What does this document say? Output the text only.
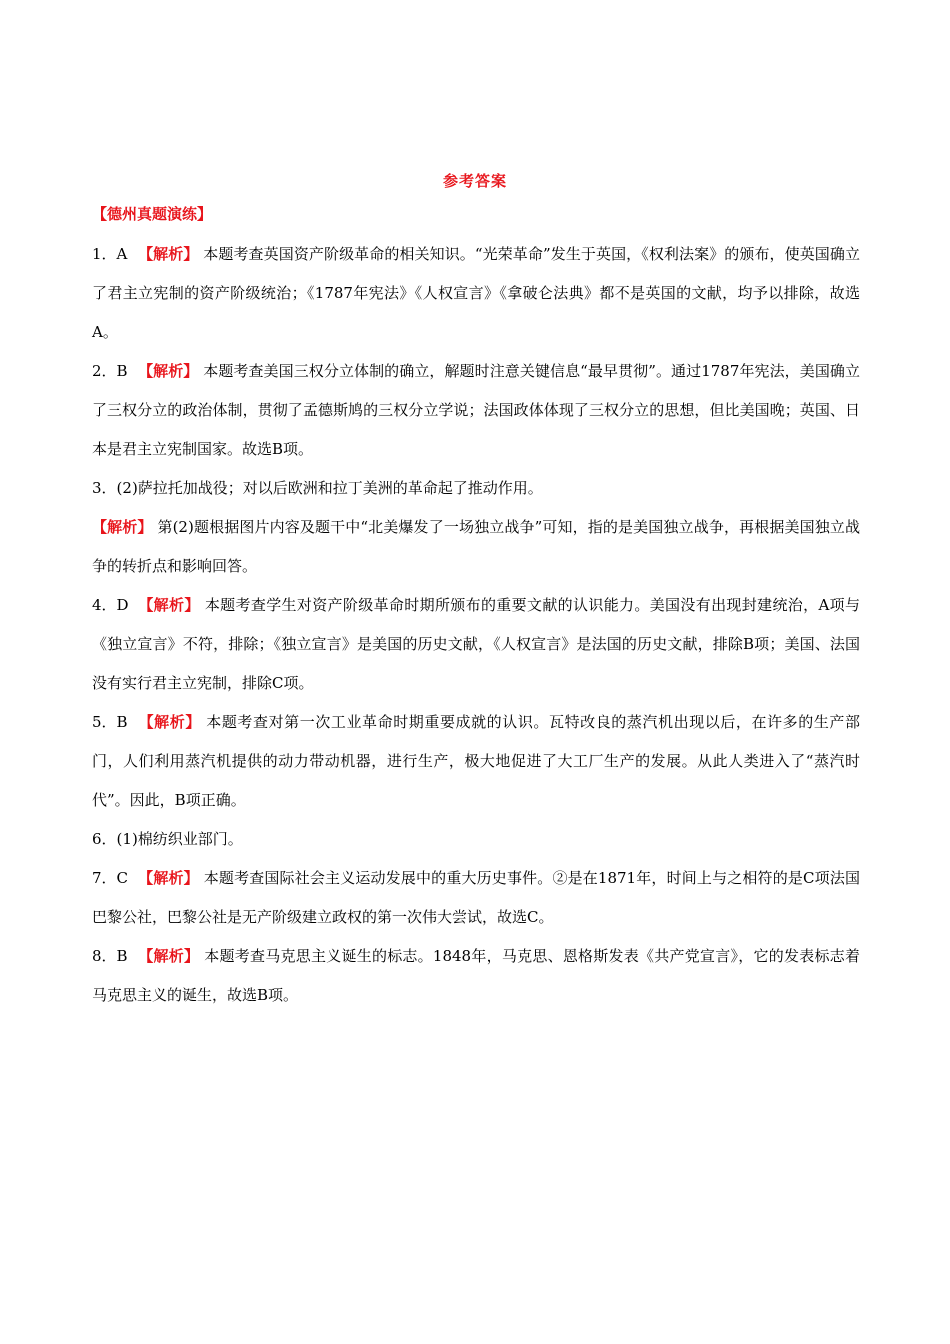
参考答案
【德州真题演练】

1．A 【解析】 本题考查英国资产阶级革命的相关知识。“光荣革命”发生于英国，《权利法案》的颁布，使英国确立了君主立宪制的资产阶级统治；《1787年宪法》《人权宣言》《拿破仑法典》都不是英国的文献，均予以排除，故选A。

2．B 【解析】 本题考查美国三权分立体制的确立，解题时注意关键信息“最早贯彻”。通过1787年宪法，美国确立了三权分立的政治体制，贯彻了孟德斯鸠的三权分立学说；法国政体体现了三权分立的思想，但比美国晚；英国、日本是君主立宪制国家。故选B项。

3．(2)萨拉托加战役；对以后欧洲和拉丁美洲的革命起了推动作用。

【解析】 第(2)题根据图片内容及题干中“北美爆发了一场独立战争”可知，指的是美国独立战争，再根据美国独立战争的转折点和影响回答。

4．D 【解析】 本题考查学生对资产阶级革命时期所颁布的重要文献的认识能力。美国没有出现封建统治，A项与《独立宣言》不符，排除；《独立宣言》是美国的历史文献，《人权宣言》是法国的历史文献，排除B项；美国、法国没有实行君主立宪制，排除C项。

5．B 【解析】 本题考查对第一次工业革命时期重要成就的认识。瓦特改良的蒸汽机出现以后，在许多的生产部门，人们利用蒸汽机提供的动力带动机器，进行生产，极大地促进了大工厂生产的发展。从此人类进入了“蒸汽时代”。因此，B项正确。

6．(1)棉纺织业部门。

7．C 【解析】 本题考查国际社会主义运动发展中的重大历史事件。②是在1871年，时间上与之相符的是C项法国巴黎公社，巴黎公社是无产阶级建立政权的第一次伟大尝试，故选C。

8．B 【解析】 本题考查马克思主义诞生的标志。1848年，马克思、恩格斯发表《共产党宣言》，它的发表标志着马克思主义的诞生，故选B项。
